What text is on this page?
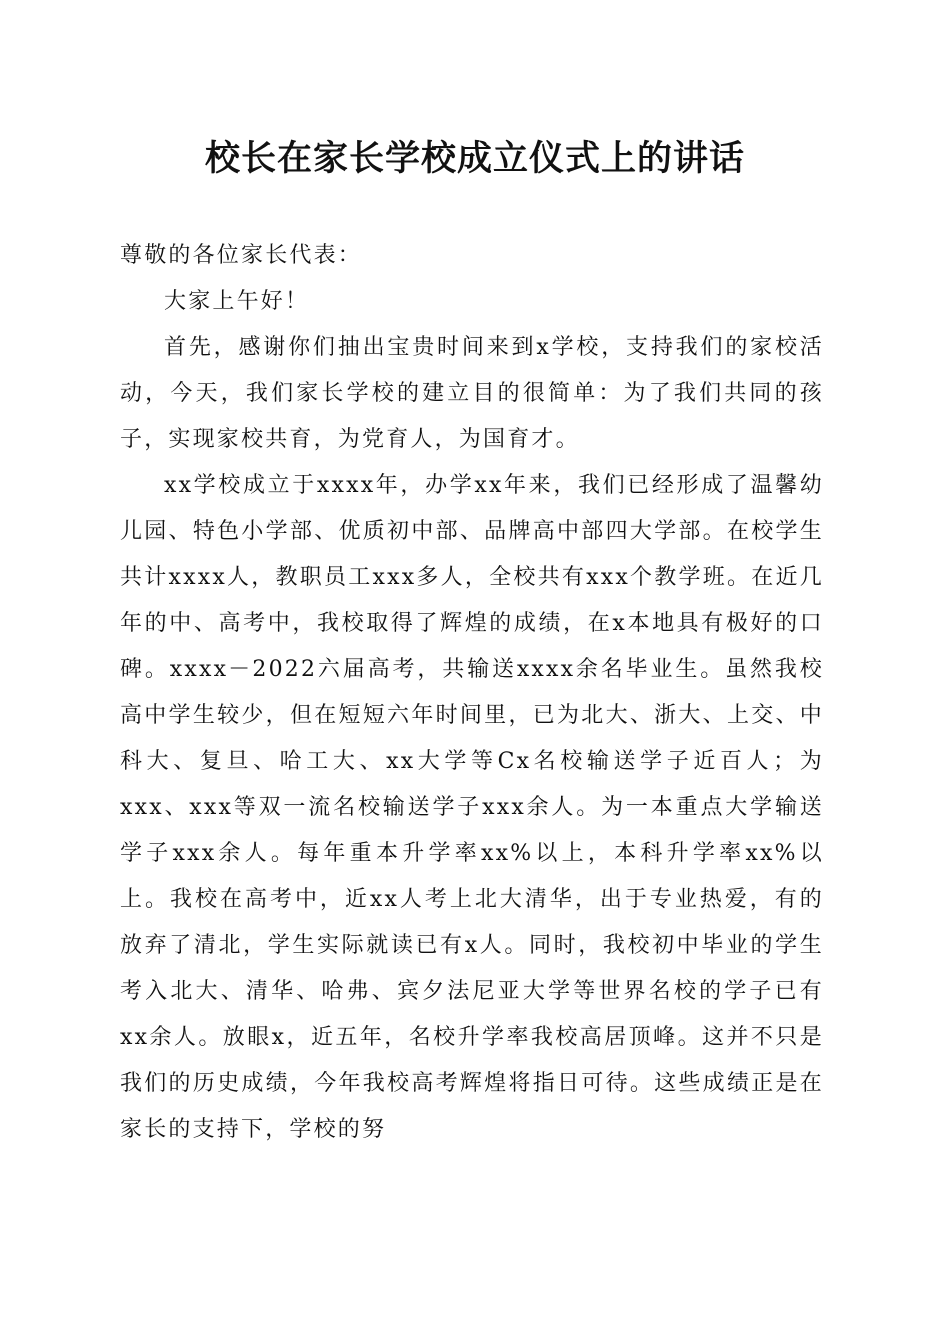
校长在家长学校成立仪式上的讲话

尊敬的各位家长代表：

大家上午好！

首先，感谢你们抽出宝贵时间来到x学校，支持我们的家校活动，今天，我们家长学校的建立目的很简单：为了我们共同的孩子，实现家校共育，为党育人，为国育才。

xx学校成立于xxxx年，办学xx年来，我们已经形成了温馨幼儿园、特色小学部、优质初中部、品牌高中部四大学部。在校学生共计xxxx人，教职员工xxx多人，全校共有xxx个教学班。在近几年的中、高考中，我校取得了辉煌的成绩，在x本地具有极好的口碑。xxxx－2022六届高考，共输送xxxx余名毕业生。虽然我校高中学生较少，但在短短六年时间里，已为北大、浙大、上交、中科大、复旦、哈工大、xx大学等Cx名校输送学子近百人；为xxx、xxx等双一流名校输送学子xxx余人。为一本重点大学输送学子xxx余人。每年重本升学率xx%以上，本科升学率xx%以上。我校在高考中，近xx人考上北大清华，出于专业热爱，有的放弃了清北，学生实际就读已有x人。同时，我校初中毕业的学生考入北大、清华、哈弗、宾夕法尼亚大学等世界名校的学子已有xx余人。放眼x，近五年，名校升学率我校高居顶峰。这并不只是我们的历史成绩，今年我校高考辉煌将指日可待。这些成绩正是在家长的支持下，学校的努
